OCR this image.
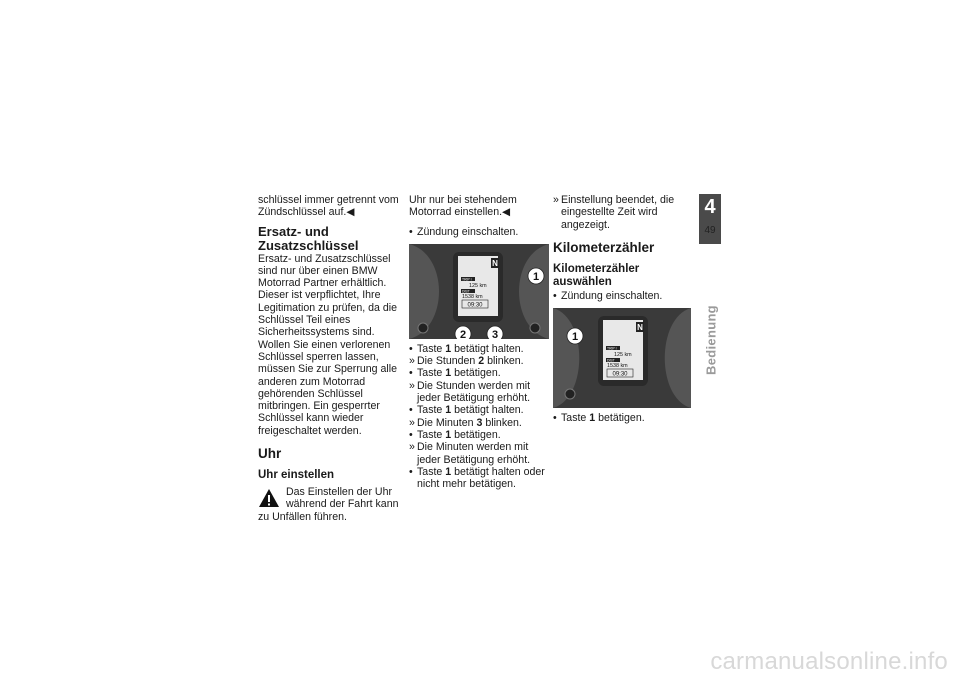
schlüssel immer getrennt vom Zündschlüssel auf.◀

Ersatz- und Zusatzschlüssel

Ersatz- und Zusatzschlüssel sind nur über einen BMW Motorrad Partner erhältlich. Dieser ist verpflichtet, Ihre Legitimation zu prüfen, da die Schlüssel Teil eines Sicherheitssystems sind. Wollen Sie einen verlorenen Schlüssel sperren lassen, müssen Sie zur Sperrung alle anderen zum Motorrad gehörenden Schlüssel mitbringen. Ein gesperrter Schlüssel kann wieder freigeschaltet werden.

Uhr
Uhr einstellen
Das Einstellen der Uhr während der Fahrt kann zu Unfällen führen.

Uhr nur bei stehendem Motorrad einstellen.◀

• Zündung einschalten.
N
TRIP I
125 km
DIST
1538 km
09:30
1
2 3
• Taste 1 betätigt halten.
» Die Stunden 2 blinken.
• Taste 1 betätigen.
» Die Stunden werden mit jeder Betätigung erhöht.
• Taste 1 betätigt halten.
» Die Minuten 3 blinken.
• Taste 1 betätigen.
» Die Minuten werden mit jeder Betätigung erhöht.
• Taste 1 betätigt halten oder nicht mehr betätigen.
» Einstellung beendet, die eingestellte Zeit wird angezeigt.
Kilometerzähler
Kilometerzähler auswählen
• Zündung einschalten.
N
TRIP I
125 km
DIST
1538 km
09:30
1
• Taste 1 betätigen.
4
49
Bedienung
carmanualsonline.info
